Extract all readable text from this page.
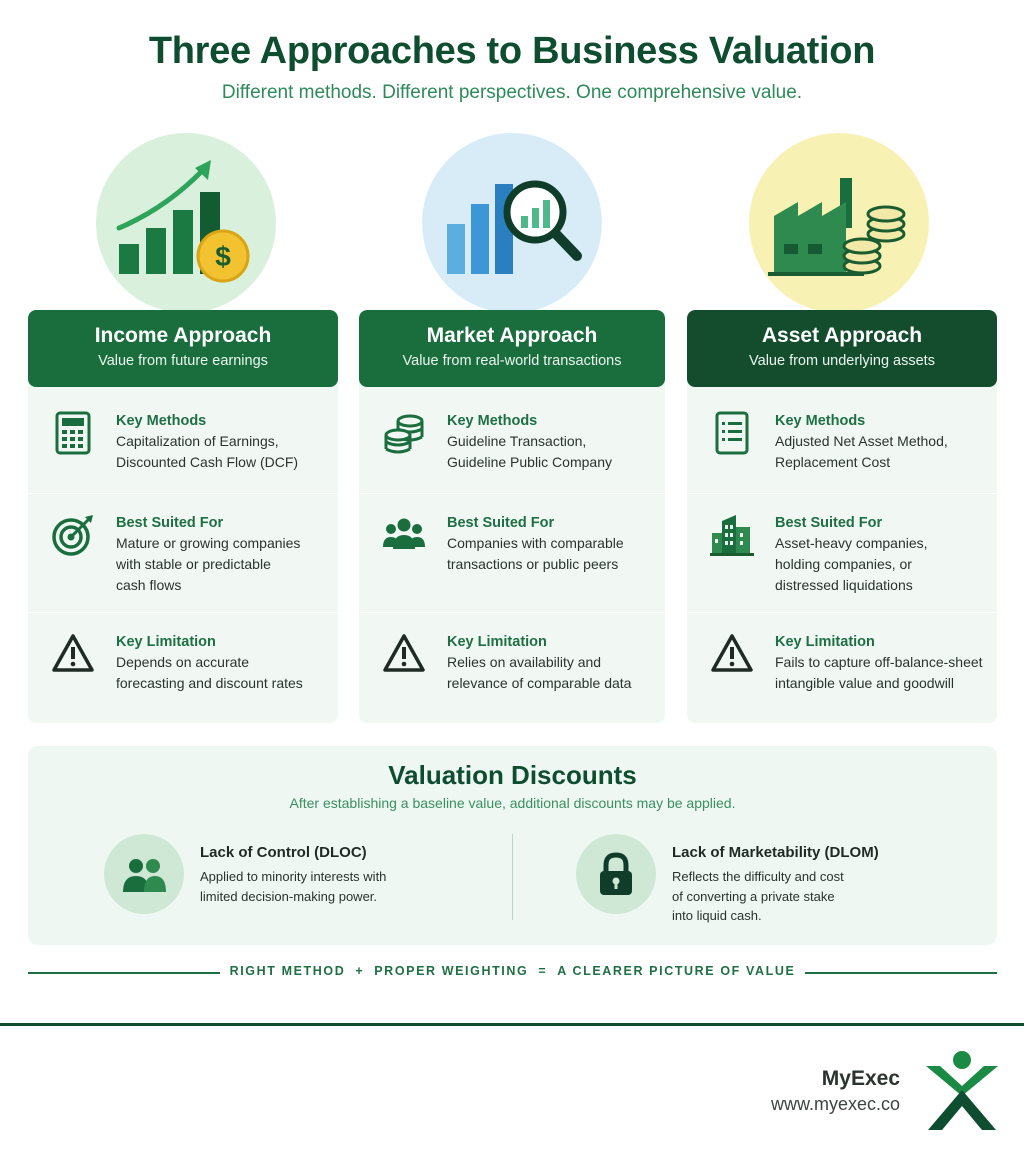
Three Approaches to Business Valuation
Different methods. Different perspectives. One comprehensive value.
$
Income Approach
Value from future earnings
Key Methods
Capitalization of Earnings,
Discounted Cash Flow (DCF)
Best Suited For
Mature or growing companies
with stable or predictable
cash flows
Key Limitation
Depends on accurate
forecasting and discount rates
Market Approach
Value from real-world transactions
Key Methods
Guideline Transaction,
Guideline Public Company
Best Suited For
Companies with comparable
transactions or public peers
Key Limitation
Relies on availability and
relevance of comparable data
Asset Approach
Value from underlying assets
Key Methods
Adjusted Net Asset Method,
Replacement Cost
Best Suited For
Asset-heavy companies,
holding companies, or
distressed liquidations
Key Limitation
Fails to capture off-balance-sheet
intangible value and goodwill
Valuation Discounts
After establishing a baseline value, additional discounts may be applied.
Lack of Control (DLOC)
Applied to minority interests with
limited decision-making power.
Lack of Marketability (DLOM)
Reflects the difficulty and cost
of converting a private stake
into liquid cash.
RIGHT METHOD + PROPER WEIGHTING = A CLEARER PICTURE OF VALUE
MyExec
www.myexec.co
